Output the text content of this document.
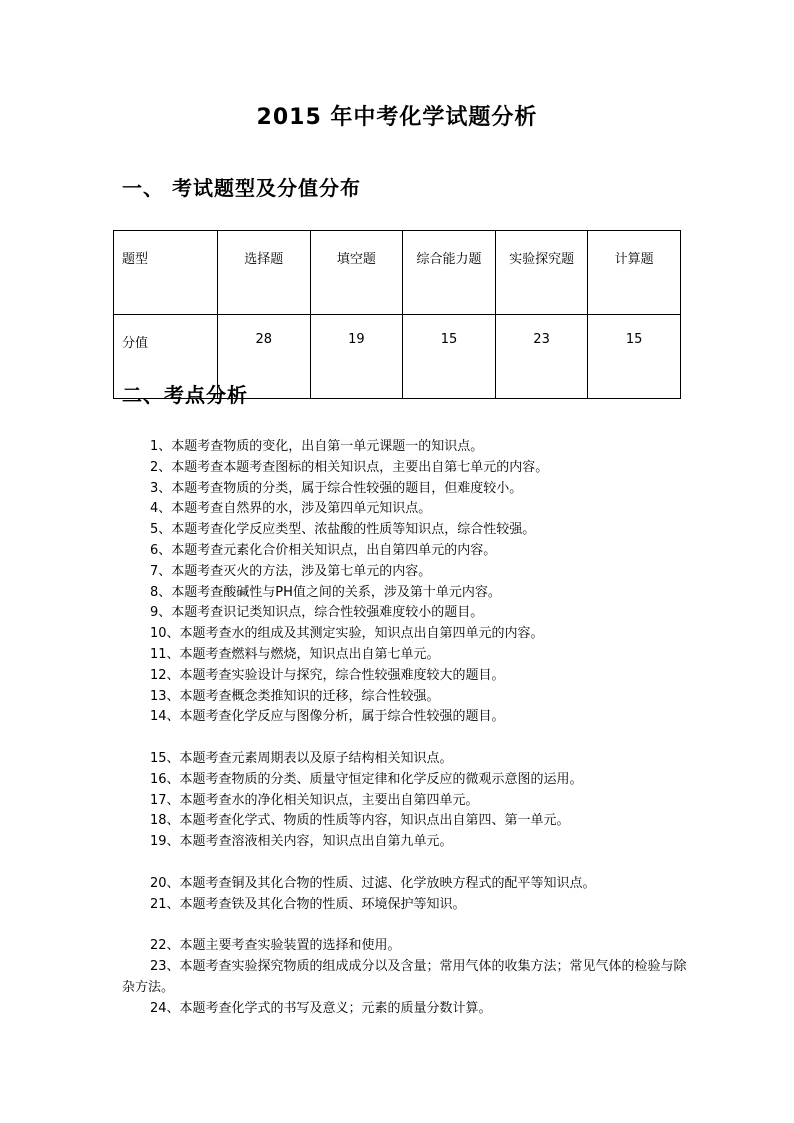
2015 年中考化学试题分析
一、 考试题型及分值分布
题型	选择题	填空题	综合能力题	实验探究题	计算题
分值	28	19	15	23	15
二、考点分析

1、本题考查物质的变化，出自第一单元课题一的知识点。

2、本题考查本题考查图标的相关知识点，主要出自第七单元的内容。

3、本题考查物质的分类，属于综合性较强的题目，但难度较小。

4、本题考查自然界的水，涉及第四单元知识点。

5、本题考查化学反应类型、浓盐酸的性质等知识点，综合性较强。

6、本题考查元素化合价相关知识点，出自第四单元的内容。

7、本题考查灭火的方法，涉及第七单元的内容。

8、本题考查酸碱性与PH值之间的关系，涉及第十单元内容。

9、本题考查识记类知识点，综合性较强难度较小的题目。

10、本题考查水的组成及其测定实验，知识点出自第四单元的内容。

11、本题考查燃料与燃烧，知识点出自第七单元。

12、本题考查实验设计与探究，综合性较强难度较大的题目。

13、本题考查概念类推知识的迁移，综合性较强。

14、本题考查化学反应与图像分析，属于综合性较强的题目。

15、本题考查元素周期表以及原子结构相关知识点。

16、本题考查物质的分类、质量守恒定律和化学反应的微观示意图的运用。

17、本题考查水的净化相关知识点，主要出自第四单元。

18、本题考查化学式、物质的性质等内容，知识点出自第四、第一单元。

19、本题考查溶液相关内容，知识点出自第九单元。

20、本题考查铜及其化合物的性质、过滤、化学放映方程式的配平等知识点。

21、本题考查铁及其化合物的性质、环境保护等知识。

22、本题主要考查实验装置的选择和使用。

23、本题考查实验探究物质的组成成分以及含量；常用气体的收集方法；常见气体的检验与除杂方法。

24、本题考查化学式的书写及意义；元素的质量分数计算。
